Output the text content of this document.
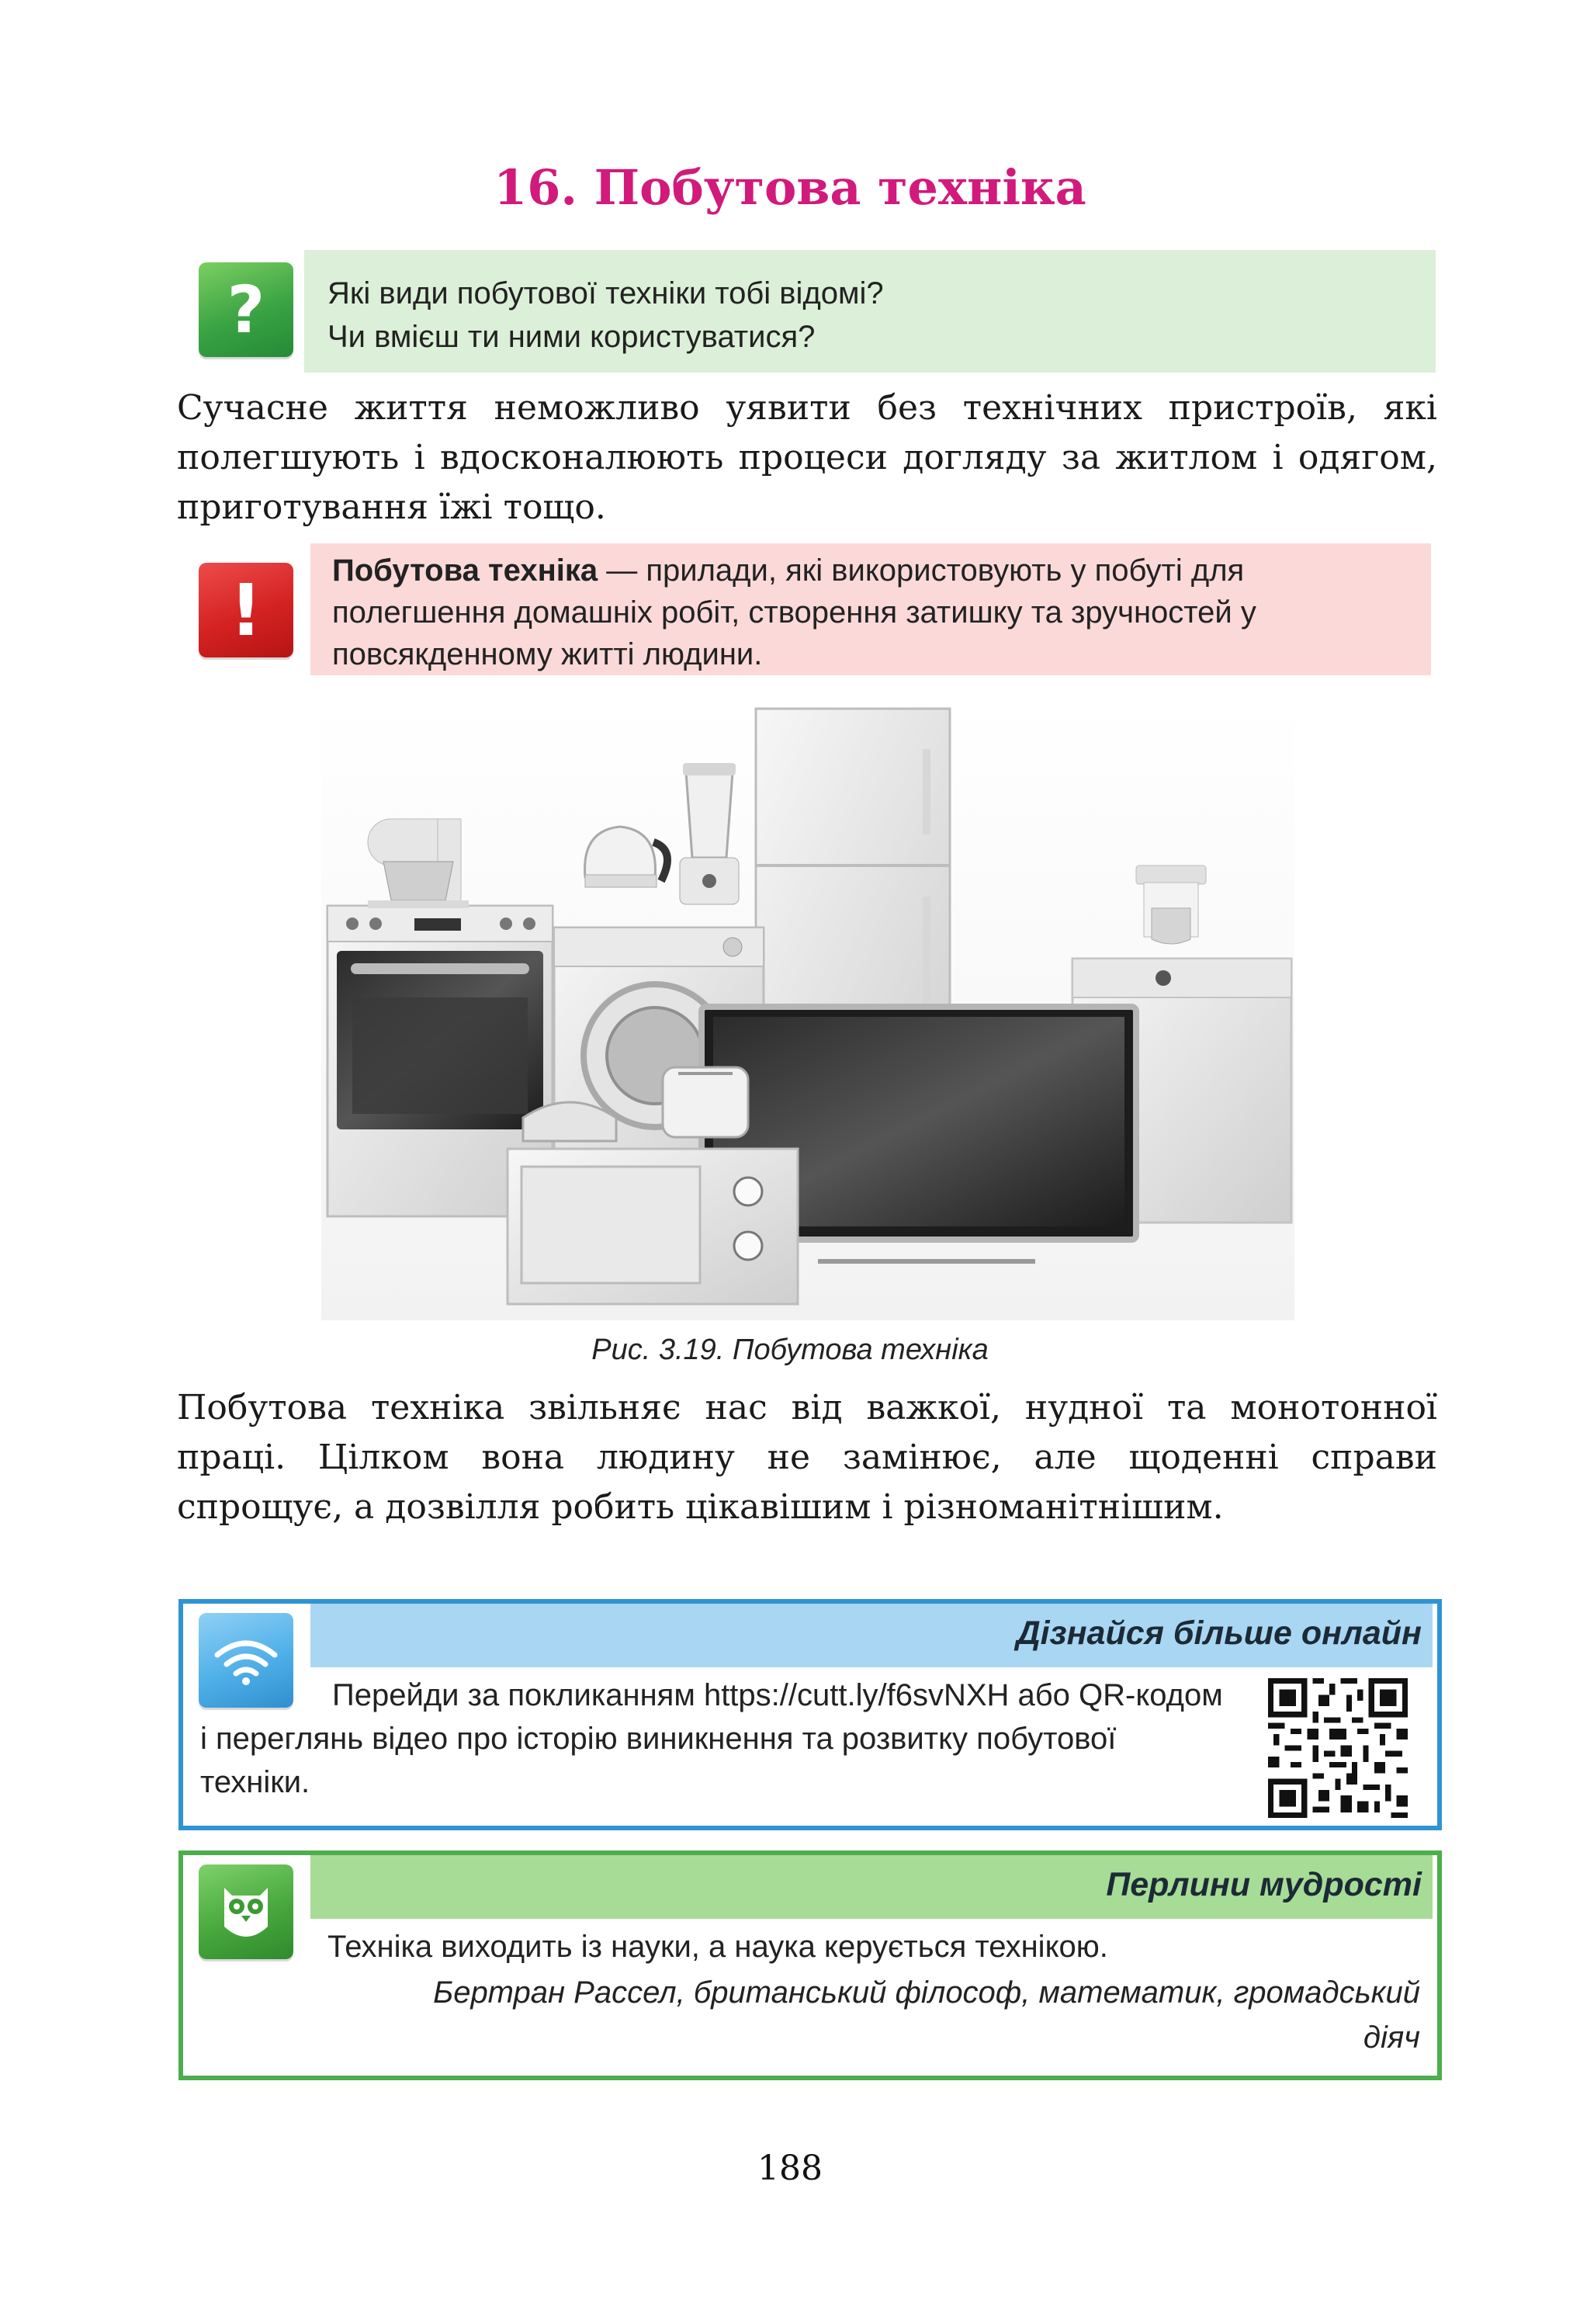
16. Побутова техніка
?	Які види побутової техніки тобі відомі?
Чи вмієш ти ними користуватися?
Сучасне життя неможливо уявити без технічних пристроїв, які полегшують і вдосконалюють процеси догляду за житлом і одягом, приготування їжі тощо.
!	Побутова техніка — прилади, які використовують у побуті для полегшення домашніх робіт, створення затишку та зручностей у повсякденному житті людини.
Рис. 3.19. Побутова техніка
Побутова техніка звільняє нас від важкої, нудної та монотонної праці. Цілком вона людину не замінює, але щоденні справи спрощує, а дозвілля робить цікавішим і різноманітнішим.
Дізнайся більше онлайн
Перейди за покликанням https://cutt.ly/f6svNXH або QR-кодом і переглянь відео про історію виникнення та розвитку побутової техніки.
Перлини мудрості
Техніка виходить із науки, а наука керується технікою.
Бертран Рассел, британський філософ, математик, громадський діяч
188
